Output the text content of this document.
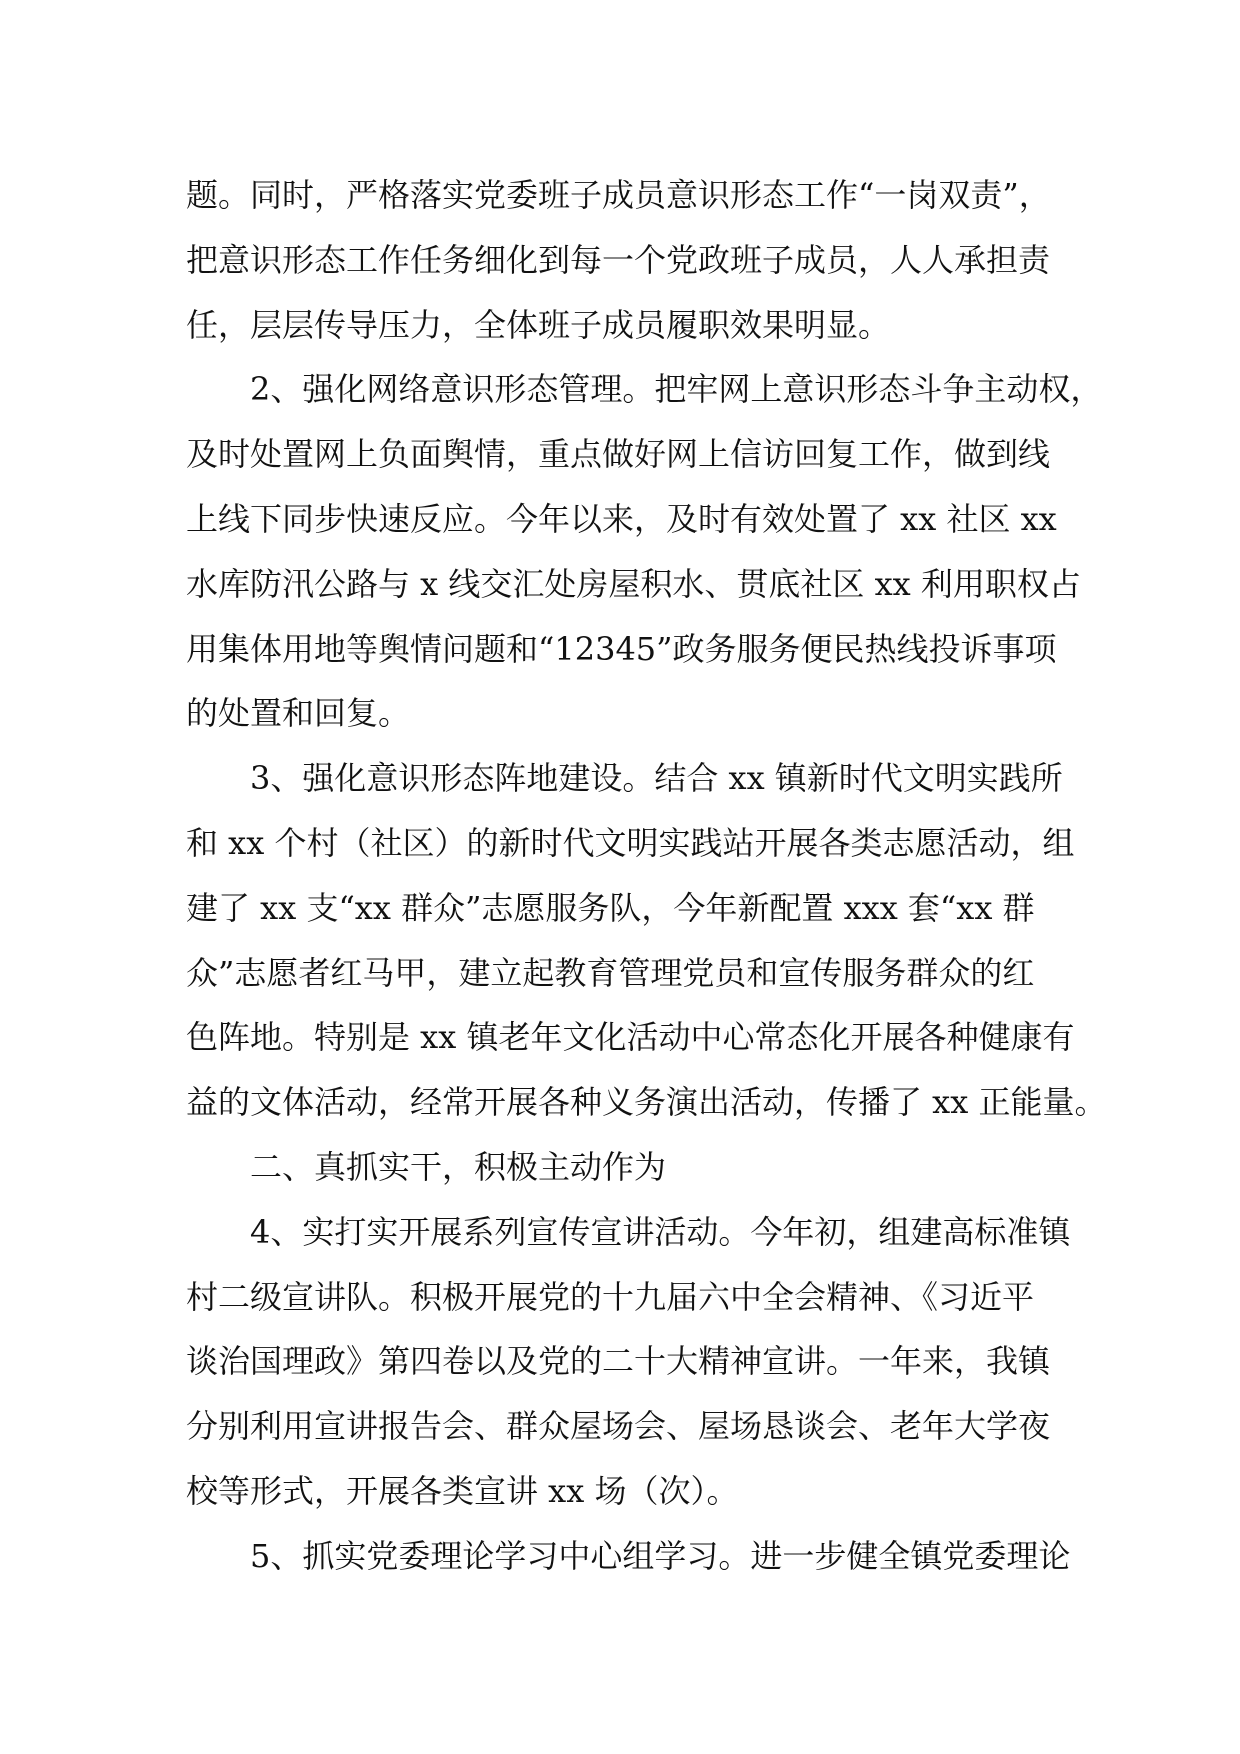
题。同时，严格落实党委班子成员意识形态工作“一岗双责”，
把意识形态工作任务细化到每一个党政班子成员，人人承担责
任，层层传导压力，全体班子成员履职效果明显。
2、强化网络意识形态管理。把牢网上意识形态斗争主动权，
及时处置网上负面舆情，重点做好网上信访回复工作，做到线
上线下同步快速反应。今年以来，及时有效处置了 xx 社区 xx
水库防汛公路与 x 线交汇处房屋积水、贯底社区 xx 利用职权占
用集体用地等舆情问题和“12345”政务服务便民热线投诉事项
的处置和回复。
3、强化意识形态阵地建设。结合 xx 镇新时代文明实践所
和 xx 个村（社区）的新时代文明实践站开展各类志愿活动，组
建了 xx 支“xx 群众”志愿服务队，今年新配置 xxx 套“xx 群
众”志愿者红马甲，建立起教育管理党员和宣传服务群众的红
色阵地。特别是 xx 镇老年文化活动中心常态化开展各种健康有
益的文体活动，经常开展各种义务演出活动，传播了 xx 正能量。
二、真抓实干，积极主动作为
4、实打实开展系列宣传宣讲活动。今年初，组建高标准镇
村二级宣讲队。积极开展党的十九届六中全会精神、《习近平
谈治国理政》第四卷以及党的二十大精神宣讲。一年来，我镇
分别利用宣讲报告会、群众屋场会、屋场恳谈会、老年大学夜
校等形式，开展各类宣讲 xx 场（次）。
5、抓实党委理论学习中心组学习。进一步健全镇党委理论
